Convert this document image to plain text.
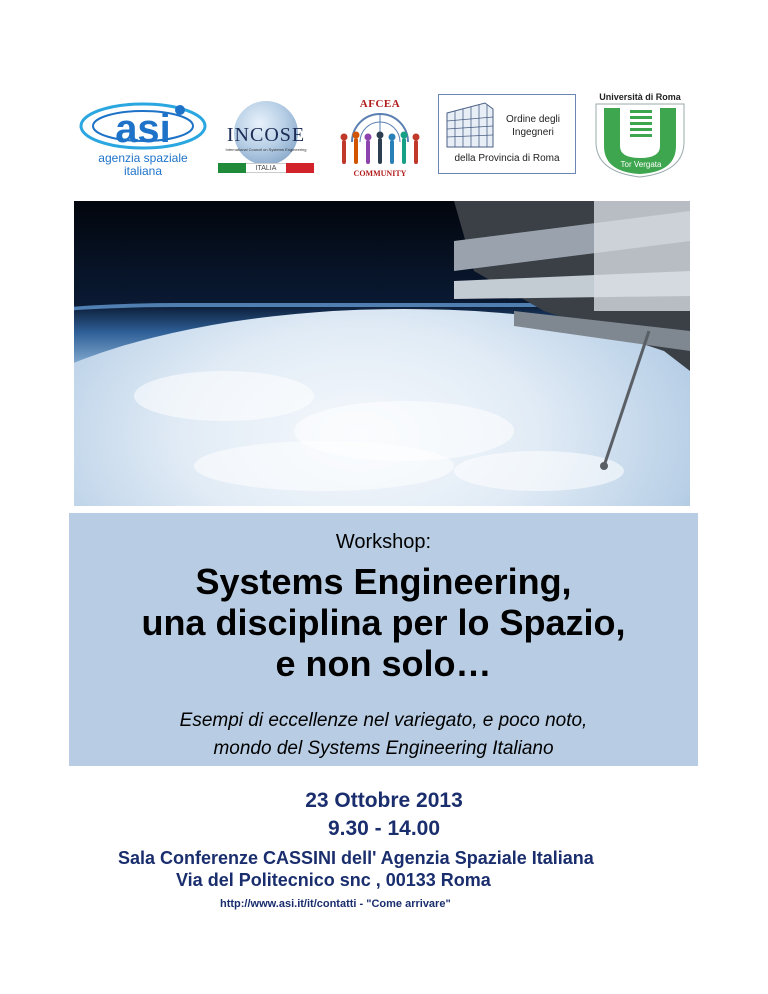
asi
agenzia spaziale
italiana
INCOSE
International Council on Systems Engineering
ITALIA
AFCEA
COMMUNITY
Ordine degli Ingegneri
della Provincia di Roma
Università di Roma
Tor Vergata
Workshop:
Systems Engineering,
una disciplina per lo Spazio,
e non solo…
Esempi di eccellenze nel variegato, e poco noto,
mondo del Systems Engineering Italiano
23 Ottobre 2013
9.30 - 14.00
Sala Conferenze CASSINI dell' Agenzia Spaziale Italiana
Via del Politecnico snc , 00133 Roma
http://www.asi.it/it/contatti - "Come arrivare"
